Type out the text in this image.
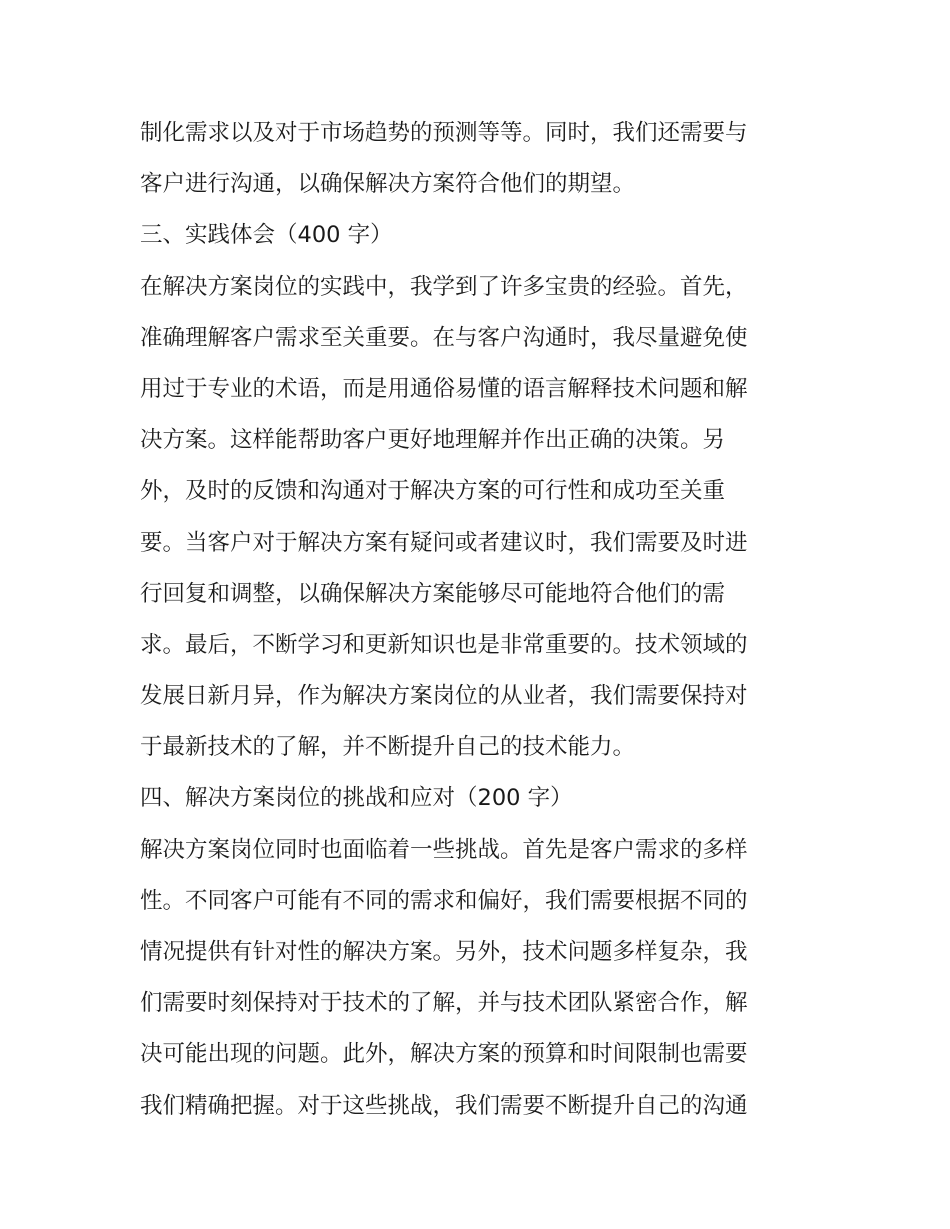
制化需求以及对于市场趋势的预测等等。同时，我们还需要与
客户进行沟通，以确保解决方案符合他们的期望。
三、实践体会（400 字）
在解决方案岗位的实践中，我学到了许多宝贵的经验。首先，
准确理解客户需求至关重要。在与客户沟通时，我尽量避免使
用过于专业的术语，而是用通俗易懂的语言解释技术问题和解
决方案。这样能帮助客户更好地理解并作出正确的决策。另
外，及时的反馈和沟通对于解决方案的可行性和成功至关重
要。当客户对于解决方案有疑问或者建议时，我们需要及时进
行回复和调整，以确保解决方案能够尽可能地符合他们的需
求。最后，不断学习和更新知识也是非常重要的。技术领域的
发展日新月异，作为解决方案岗位的从业者，我们需要保持对
于最新技术的了解，并不断提升自己的技术能力。
四、解决方案岗位的挑战和应对（200 字）
解决方案岗位同时也面临着一些挑战。首先是客户需求的多样
性。不同客户可能有不同的需求和偏好，我们需要根据不同的
情况提供有针对性的解决方案。另外，技术问题多样复杂，我
们需要时刻保持对于技术的了解，并与技术团队紧密合作，解
决可能出现的问题。此外，解决方案的预算和时间限制也需要
我们精确把握。对于这些挑战，我们需要不断提升自己的沟通
